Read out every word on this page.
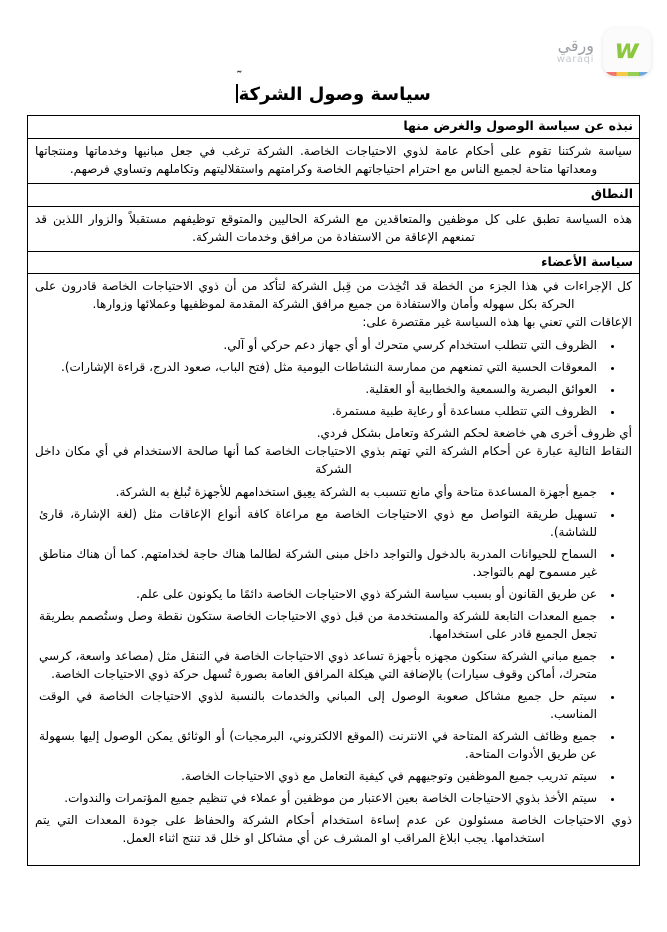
ورقي
waraqi w
سياسة وصول الشركة˜
نبذه عن سياسة الوصول والغرض منها

سياسة شركتنا تقوم على أحكام عامة لذوي الاحتياجات الخاصة. الشركة ترغب في جعل مبانيها وخدماتها ومنتجاتها ومعداتها متاحة لجميع الناس مع احترام احتياجاتهم الخاصة وكرامتهم واستقلاليتهم وتكاملهم وتساوي فرصهم.

النطاق

هذه السياسة تطبق على كل موظفين والمتعاقدين مع الشركة الحاليين والمتوقع توظيفهم مستقبلاً والزوار اللذين قد تمنعهم الإعاقة من الاستفادة من مرافق وخدمات الشركة.

سياسة الأعضاء

كل الإجراءات في هذا الجزء من الخطة قد اتُخِذت من قِبل الشركة لتأكد من أن ذوي الاحتياجات الخاصة قادرون على الحركة بكل سهوله وأمان والاستفادة من جميع مرافق الشركة المقدمة لموظفيها وعملائها وزوارها.

الإعاقات التي تعني بها هذه السياسة غير مقتصرة على:

• الظروف التي تتطلب استخدام كرسي متحرك أو أي جهاز دعم حركي أو آلي.
• المعوقات الحسية التي تمنعهم من ممارسة النشاطات اليومية مثل (فتح الباب، صعود الدرج، قراءة الإشارات).
• العوائق البصرية والسمعية والخطابية أو العقلية.
• الظروف التي تتطلب مساعدة أو رعاية طبية مستمرة.

أي ظروف أخرى هي خاضعة لحكم الشركة وتعامل بشكل فردي.

النقاط التالية عبارة عن أحكام الشركة التي تهتم بذوي الاحتياجات الخاصة كما أنها صالحة الاستخدام في أي مكان داخل الشركة

• جميع أجهزة المساعدة متاحة وأي مانع تتسبب به الشركة يعِيق استخدامهم للأجهزة تُبلغ به الشركة.
• تسهيل طريقة التواصل مع ذوي الاحتياجات الخاصة مع مراعاة كافة أنواع الإعاقات مثل (لغة الإشارة، قارئ للشاشة).
• السماح للحيوانات المدربة بالدخول والتواجد داخل مبنى الشركة لطالما هناك حاجة لخدامتهم. كما أن هناك مناطق غير مسموح لهم بالتواجد.
• عن طريق القانون أو بسبب سياسة الشركة ذوي الاحتياجات الخاصة دائمًا ما يكونون على علم.
• جميع المعدات التابعة للشركة والمستخدمة من قبل ذوي الاحتياجات الخاصة ستكون نقطة وصل وستُصمم بطريقة تجعل الجميع قادر على استخدامها.
• جميع مباني الشركة ستكون مجهزه بأجهزة تساعد ذوي الاحتياجات الخاصة في التنقل مثل (مصاعد واسعة، كرسي متحرك، أماكن وقوف سيارات) بالإضافة التي هيكلة المرافق العامة بصورة تُسهل حركة ذوي الاحتياجات الخاصة.
• سيتم حل جميع مشاكل صعوبة الوصول إلى المباني والخدمات بالنسبة لذوي الاحتياجات الخاصة في الوقت المناسب.
• جميع وظائف الشركة المتاحة في الانترنت (الموقع الالكتروني، البرمجيات) أو الوثائق يمكن الوصول إليها بسهولة عن طريق الأدوات المتاحة.
• سيتم تدريب جميع الموظفين وتوجيههم في كيفية التعامل مع ذوي الاحتياجات الخاصة.
• سيتم الأخذ بذوي الاحتياجات الخاصة بعين الاعتبار من موظفين أو عملاء في تنظيم جميع المؤتمرات والندوات.

ذوي الاحتياجات الخاصة مسئولون عن عدم إساءة استخدام أحكام الشركة والحفاظ على جودة المعدات التي يتم استخدامها. يجب ابلاغ المراقب او المشرف عن أي مشاكل او خلل قد تنتج اثناء العمل.
